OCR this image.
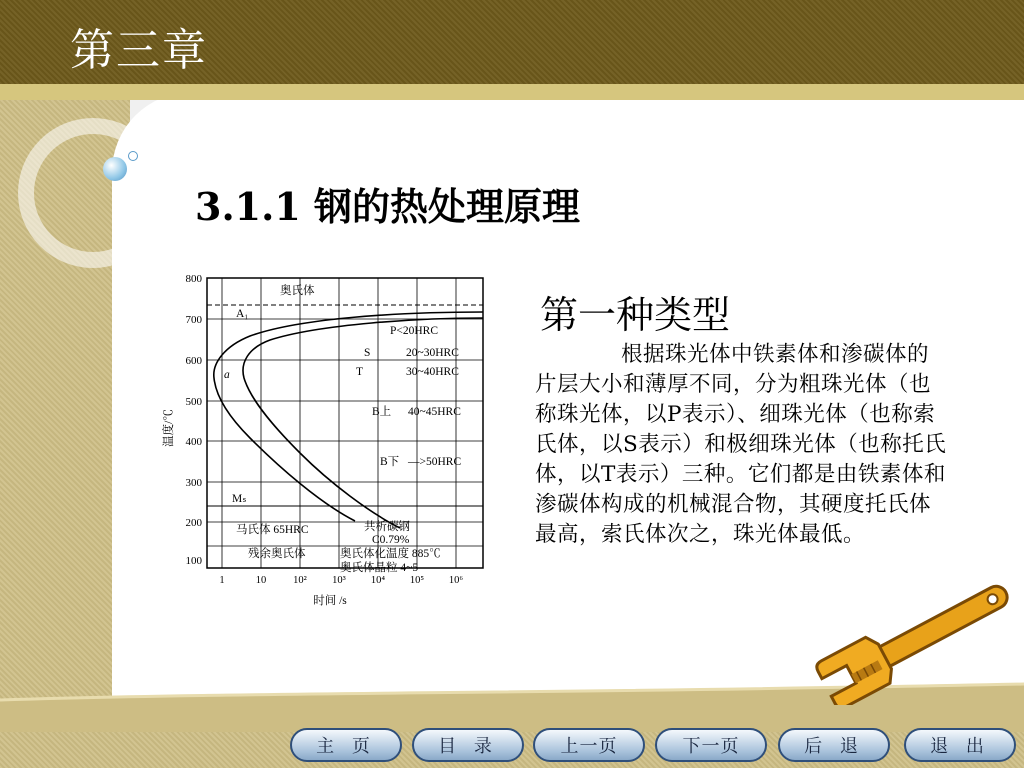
第三章
3.1.1 钢的热处理原理
800
700
600
500
400
300
200
100
1	10	10² 10³ 10⁴ 10⁵ 10⁶
时间 /s
温度/℃
奥氏体
A₁
P<20HRC
S	20~30HRC
T	30~40HRC
a
B上 40~45HRC
B下 —>50HRC
Mₛ
马氏体 65HRC	共析碳钢
C0.79%
残余奥氏体	奥氏体化温度 885℃
奥氏体晶粒 4~5
第一种类型
根据珠光体中铁素体和渗碳体的片层大小和薄厚不同，分为粗珠光体（也称珠光体，以P表示）、细珠光体（也称索氏体，以S表示）和极细珠光体（也称托氏体，以T表示）三种。它们都是由铁素体和渗碳体构成的机械混合物，其硬度托氏体最高，索氏体次之，珠光体最低。
主 页	目 录	上一页	下一页	后 退	退 出
